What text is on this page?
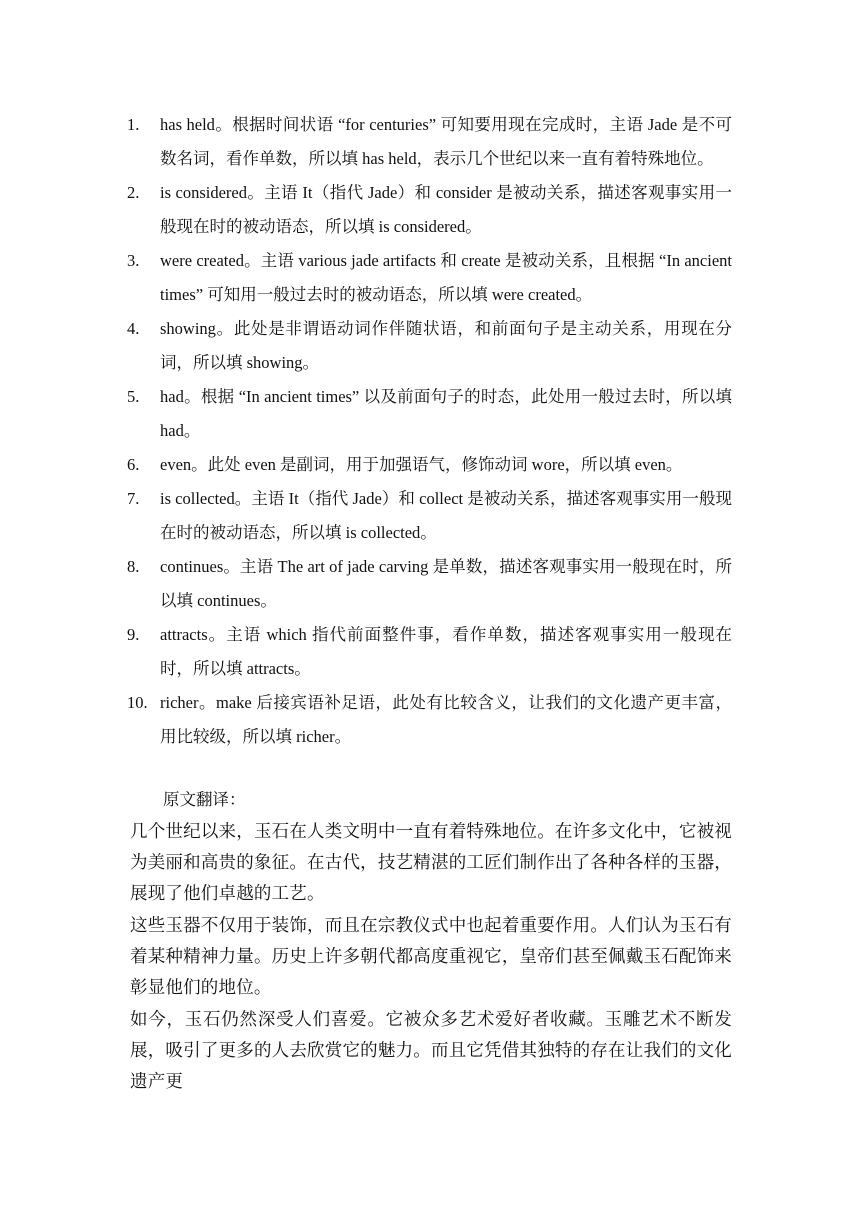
1. has held。根据时间状语 “for centuries” 可知要用现在完成时，主语 Jade 是不可数名词，看作单数，所以填 has held，表示几个世纪以来一直有着特殊地位。
2. is considered。主语 It（指代 Jade）和 consider 是被动关系，描述客观事实用一般现在时的被动语态，所以填 is considered。
3. were created。主语 various jade artifacts 和 create 是被动关系，且根据 “In ancient times” 可知用一般过去时的被动语态，所以填 were created。
4. showing。此处是非谓语动词作伴随状语，和前面句子是主动关系，用现在分词，所以填 showing。
5. had。根据 “In ancient times” 以及前面句子的时态，此处用一般过去时，所以填 had。
6. even。此处 even 是副词，用于加强语气，修饰动词 wore，所以填 even。
7. is collected。主语 It（指代 Jade）和 collect 是被动关系，描述客观事实用一般现在时的被动语态，所以填 is collected。
8. continues。主语 The art of jade carving 是单数，描述客观事实用一般现在时，所以填 continues。
9. attracts。主语 which 指代前面整件事，看作单数，描述客观事实用一般现在时，所以填 attracts。
10. richer。make 后接宾语补足语，此处有比较含义，让我们的文化遗产更丰富，用比较级，所以填 richer。
原文翻译：

几个世纪以来，玉石在人类文明中一直有着特殊地位。在许多文化中，它被视为美丽和高贵的象征。在古代，技艺精湛的工匠们制作出了各种各样的玉器，展现了他们卓越的工艺。

这些玉器不仅用于装饰，而且在宗教仪式中也起着重要作用。人们认为玉石有着某种精神力量。历史上许多朝代都高度重视它，皇帝们甚至佩戴玉石配饰来彰显他们的地位。

如今，玉石仍然深受人们喜爱。它被众多艺术爱好者收藏。玉雕艺术不断发展，吸引了更多的人去欣赏它的魅力。而且它凭借其独特的存在让我们的文化遗产更
